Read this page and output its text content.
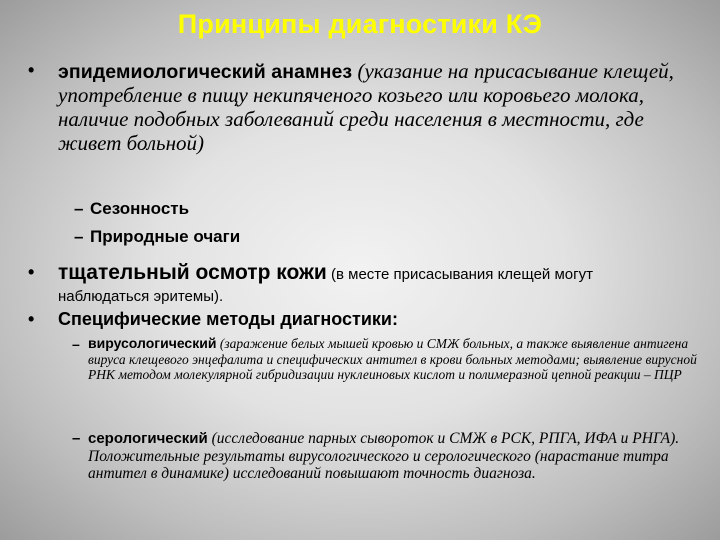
Принципы диагностики КЭ
• эпидемиологический анамнез (указание на присасывание клещей, употребление в пищу некипяченого козьего или коровьего молока, наличие подобных заболеваний среди населения в местности, где живет больной)
– Сезонность
– Природные очаги
• тщательный осмотр кожи (в месте присасывания клещей могут наблюдаться эритемы).
• Специфические методы диагностики:
– вирусологический (заражение белых мышей кровью и СМЖ больных, а также выявление антигена вируса клещевого энцефалита и специфических антител в крови больных методами; выявление вирусной РНК методом молекулярной гибридизации нуклеиновых кислот и полимеразной цепной реакции – ПЦР
– серологический (исследование парных сывороток и СМЖ в РСК, РПГА, ИФА и РНГА). Положительные результаты вирусологического и серологического (нарастание титра антител в динамике) исследований повышают точность диагноза.
